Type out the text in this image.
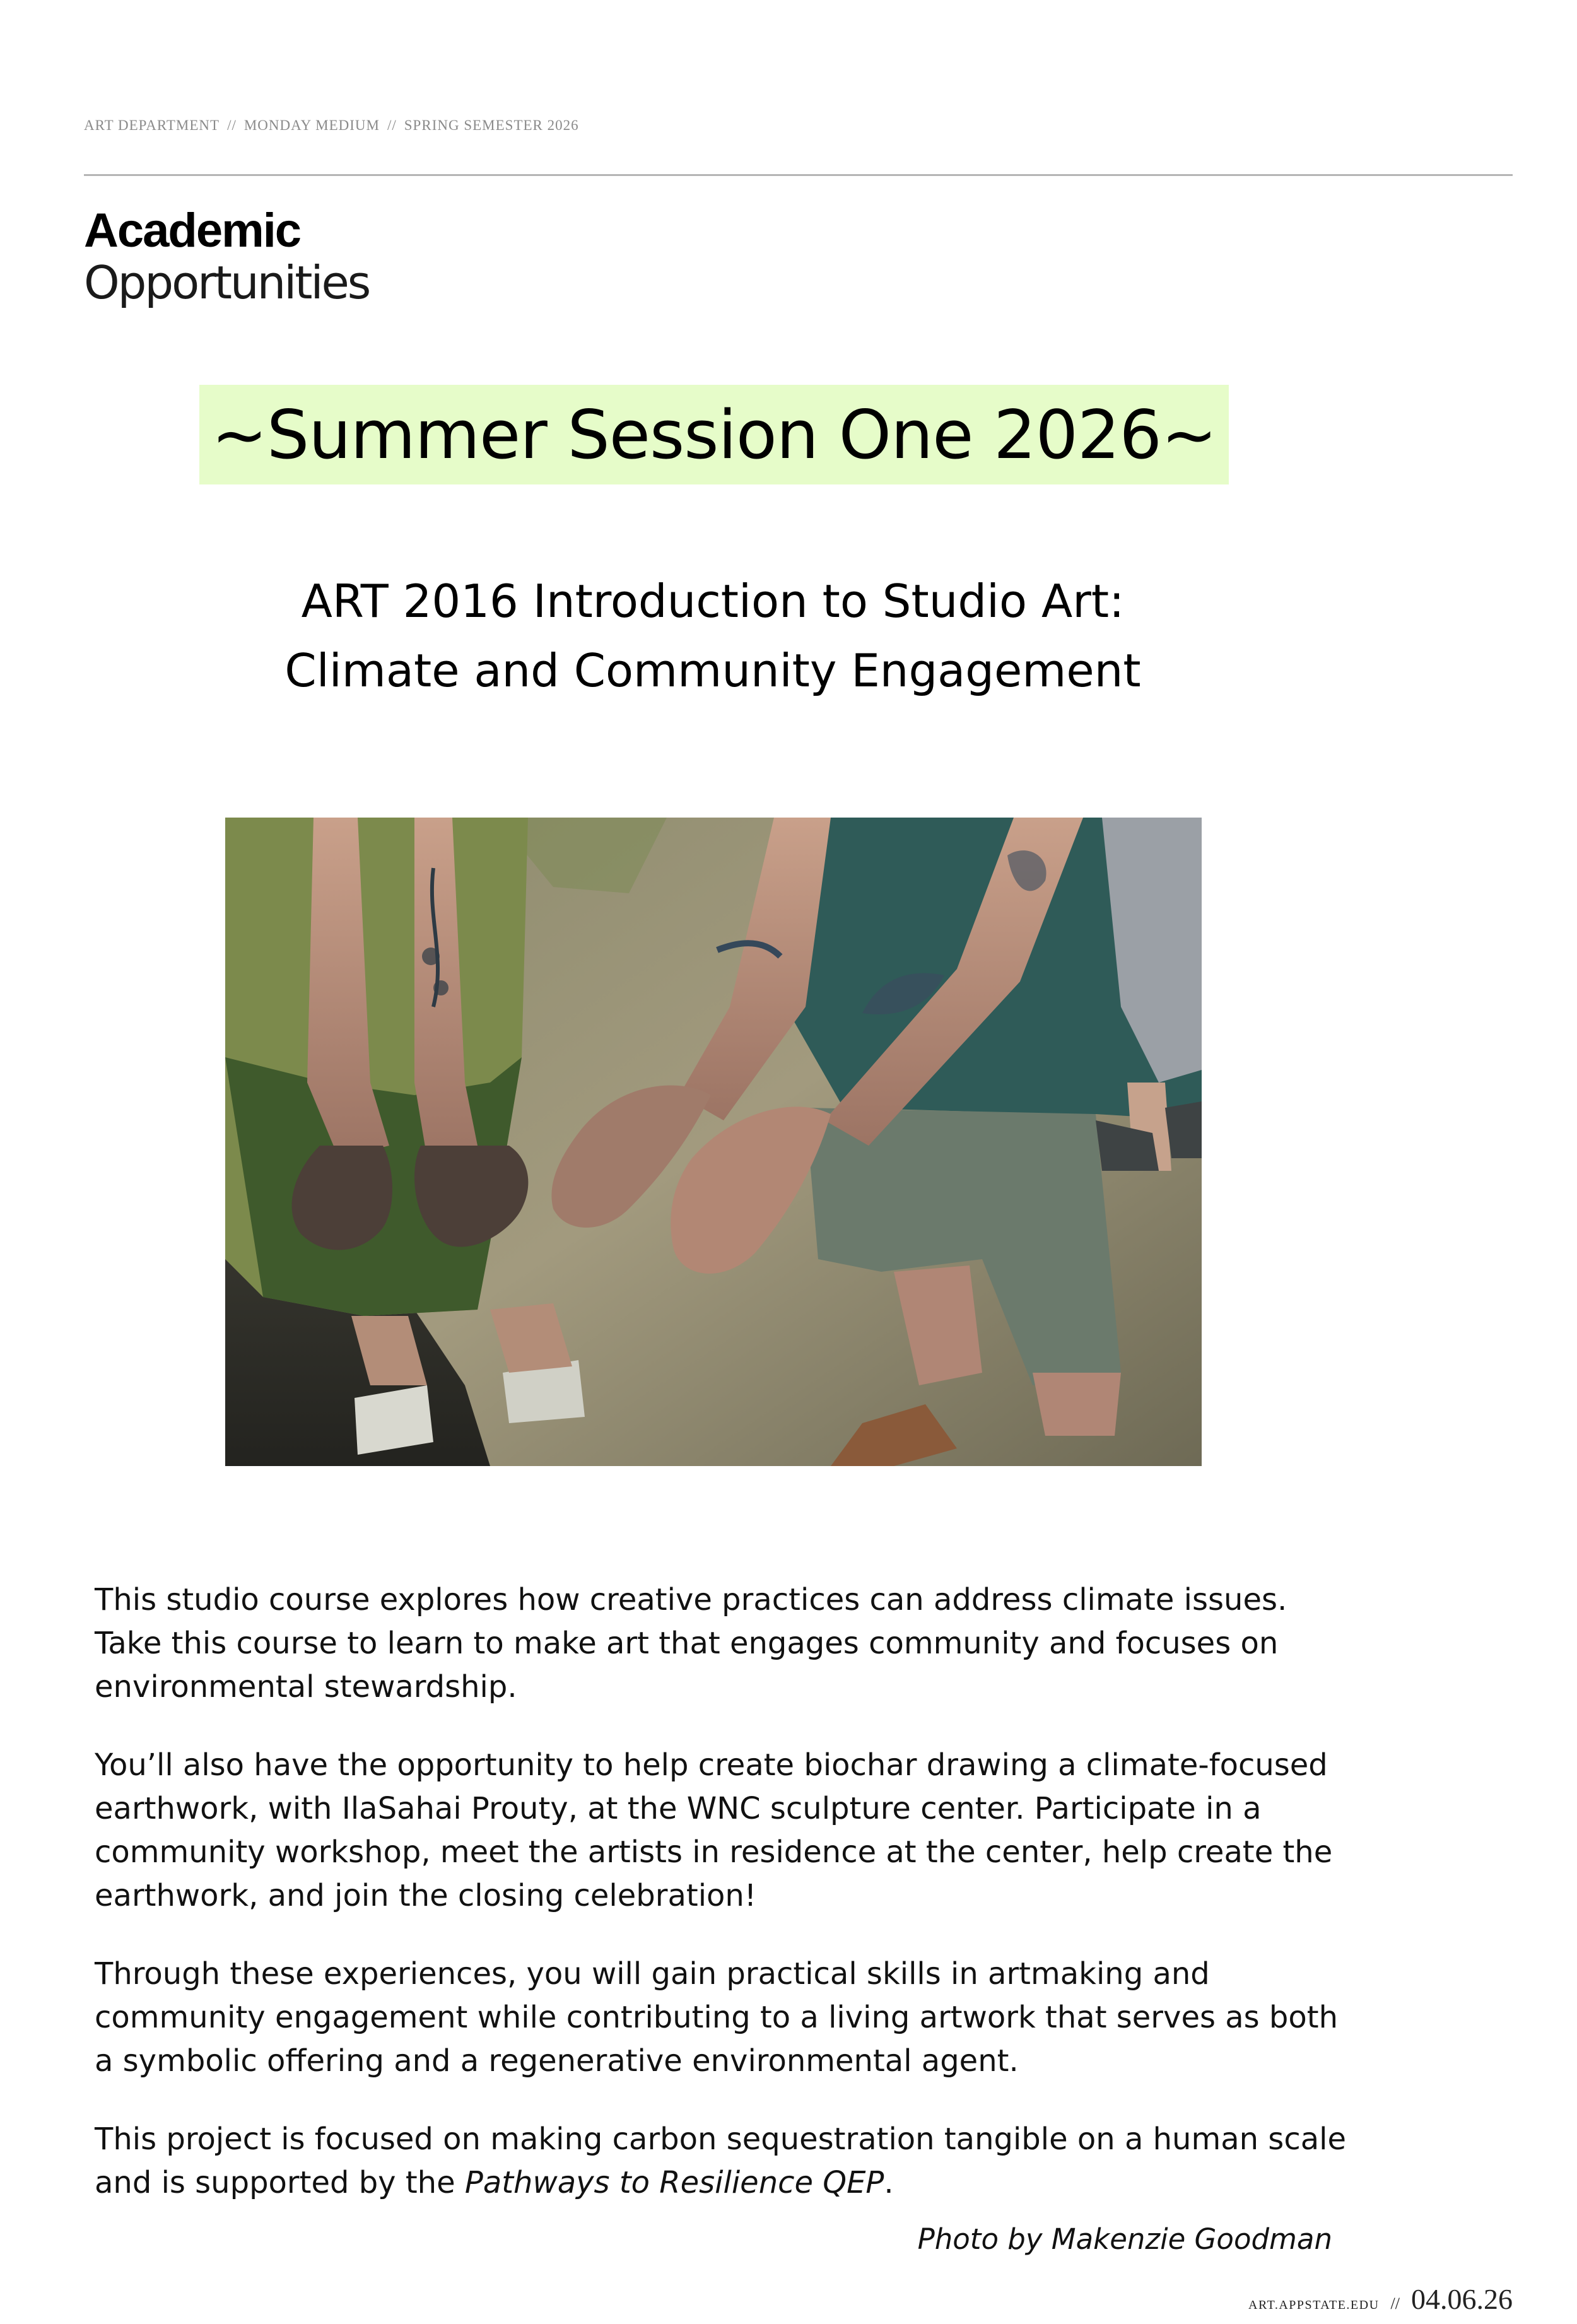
ART DEPARTMENT // MONDAY MEDIUM // SPRING SEMESTER 2026
Academic
Opportunities
~Summer Session One 2026~
ART 2016 Introduction to Studio Art:
Climate and Community Engagement

This studio course explores how creative practices can address climate issues. Take this course to learn to make art that engages community and focuses on environmental stewardship.

You’ll also have the opportunity to help create biochar drawing a climate-focused earthwork, with IlaSahai Prouty, at the WNC sculpture center. Participate in a community workshop, meet the artists in residence at the center, help create the earthwork, and join the closing celebration!

Through these experiences, you will gain practical skills in artmaking and community engagement while contributing to a living artwork that serves as both a symbolic offering and a regenerative environmental agent.

This project is focused on making carbon sequestration tangible on a human scale and is supported by the Pathways to Resilience QEP.

Photo by Makenzie Goodman
ART.APPSTATE.EDU // 04.06.26
